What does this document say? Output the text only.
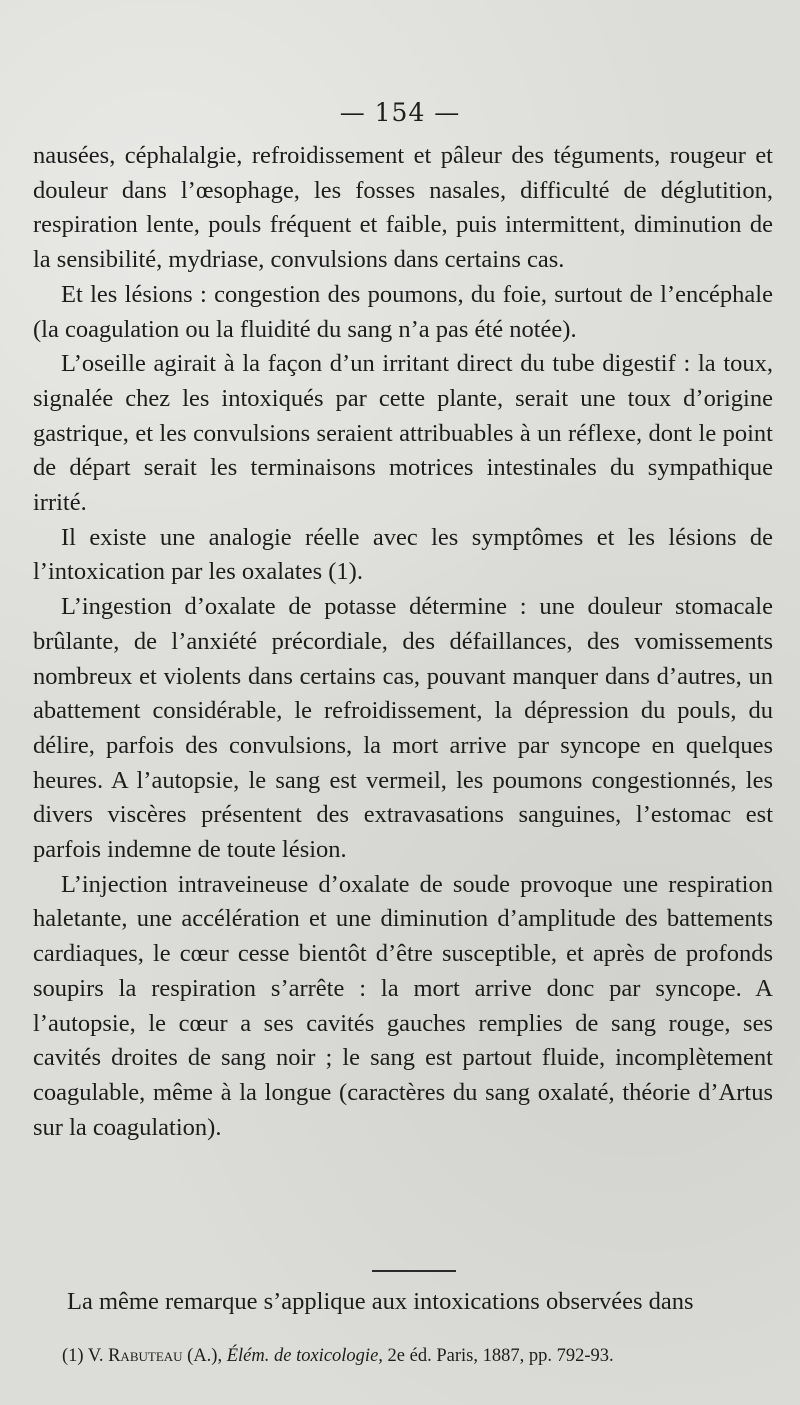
— 154 —

nausées, céphalalgie, refroidissement et pâleur des téguments, rougeur et douleur dans l’œsophage, les fosses nasales, difficulté de déglutition, respiration lente, pouls fréquent et faible, puis intermittent, diminution de la sensibilité, mydriase, convulsions dans certains cas.

Et les lésions : congestion des poumons, du foie, surtout de l’encéphale (la coagulation ou la fluidité du sang n’a pas été notée).

L’oseille agirait à la façon d’un irritant direct du tube digestif : la toux, signalée chez les intoxiqués par cette plante, serait une toux d’origine gastrique, et les convulsions seraient attribuables à un réflexe, dont le point de départ serait les terminaisons motrices intestinales du sympathique irrité.

Il existe une analogie réelle avec les symptômes et les lésions de l’intoxication par les oxalates (1).

L’ingestion d’oxalate de potasse détermine : une douleur stomacale brûlante, de l’anxiété précordiale, des défaillances, des vomissements nombreux et violents dans certains cas, pouvant manquer dans d’autres, un abattement considérable, le refroidissement, la dépression du pouls, du délire, parfois des convulsions, la mort arrive par syncope en quelques heures. A l’autopsie, le sang est vermeil, les poumons congestionnés, les divers viscères présentent des extravasations sanguines, l’estomac est parfois indemne de toute lésion.

L’injection intraveineuse d’oxalate de soude provoque une respiration haletante, une accélération et une diminution d’amplitude des battements cardiaques, le cœur cesse bientôt d’être susceptible, et après de profonds soupirs la respiration s’arrête : la mort arrive donc par syncope. A l’autopsie, le cœur a ses cavités gauches remplies de sang rouge, ses cavités droites de sang noir ; le sang est partout fluide, incomplètement coagulable, même à la longue (caractères du sang oxalaté, théorie d’Artus sur la coagulation).

La même remarque s’applique aux intoxications observées dans
(1) V. Rabuteau (A.), Élém. de toxicologie, 2e éd. Paris, 1887, pp. 792-93.
